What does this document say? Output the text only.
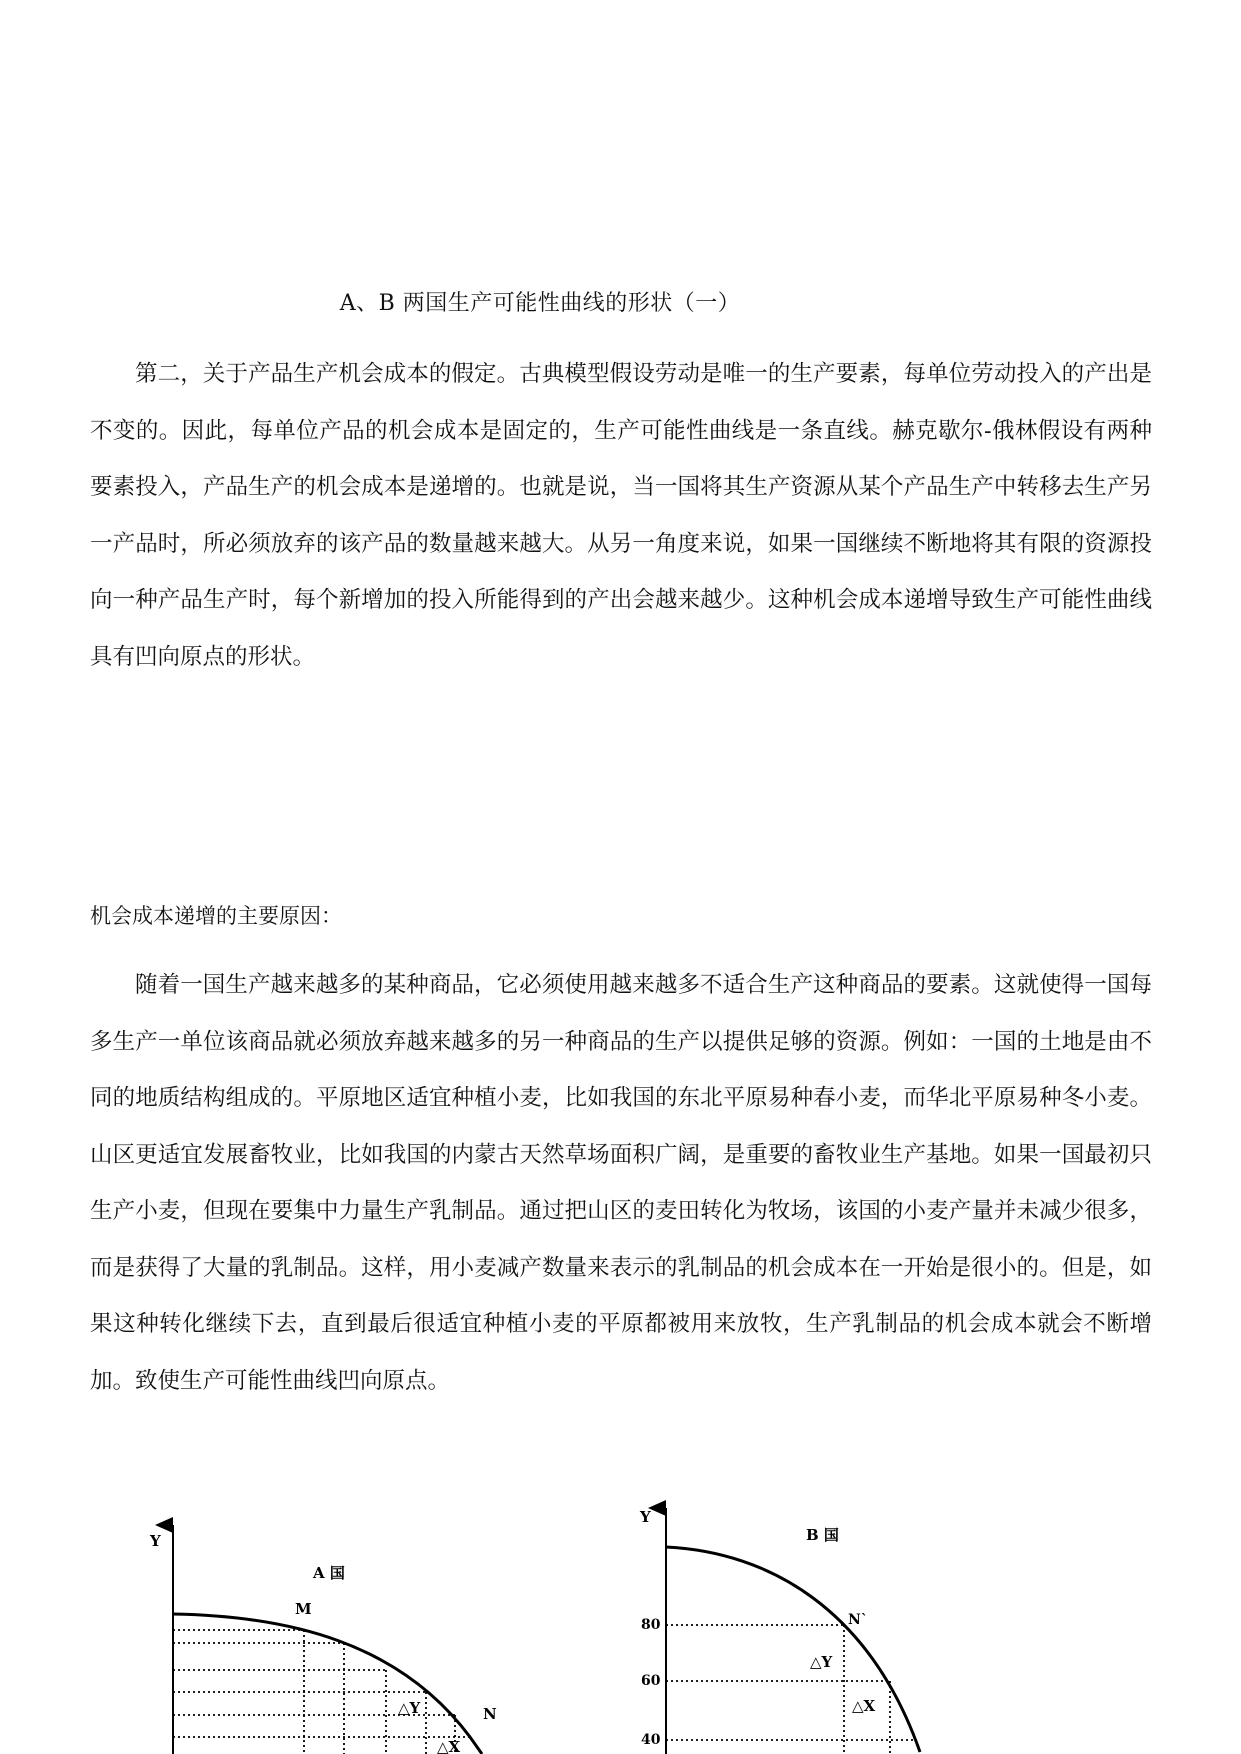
A、B 两国生产可能性曲线的形状（一）

第二，关于产品生产机会成本的假定。古典模型假设劳动是唯一的生产要素，每单位劳动投入的产出是不变的。因此，每单位产品的机会成本是固定的，生产可能性曲线是一条直线。赫克歇尔-俄林假设有两种要素投入，产品生产的机会成本是递增的。也就是说，当一国将其生产资源从某个产品生产中转移去生产另一产品时，所必须放弃的该产品的数量越来越大。从另一角度来说，如果一国继续不断地将其有限的资源投向一种产品生产时，每个新增加的投入所能得到的产出会越来越少。这种机会成本递增导致生产可能性曲线具有凹向原点的形状。

机会成本递增的主要原因：

随着一国生产越来越多的某种商品，它必须使用越来越多不适合生产这种商品的要素。这就使得一国每多生产一单位该商品就必须放弃越来越多的另一种商品的生产以提供足够的资源。例如：一国的土地是由不同的地质结构组成的。平原地区适宜种植小麦，比如我国的东北平原易种春小麦，而华北平原易种冬小麦。山区更适宜发展畜牧业，比如我国的内蒙古天然草场面积广阔，是重要的畜牧业生产基地。如果一国最初只生产小麦，但现在要集中力量生产乳制品。通过把山区的麦田转化为牧场，该国的小麦产量并未减少很多，而是获得了大量的乳制品。这样，用小麦减产数量来表示的乳制品的机会成本在一开始是很小的。但是，如果这种转化继续下去，直到最后很适宜种植小麦的平原都被用来放牧，生产乳制品的机会成本就会不断增加。致使生产可能性曲线凹向原点。

Y
A 国
M
N
△Y
△X
Y
B 国
80
60
40
N`
△Y
△X
